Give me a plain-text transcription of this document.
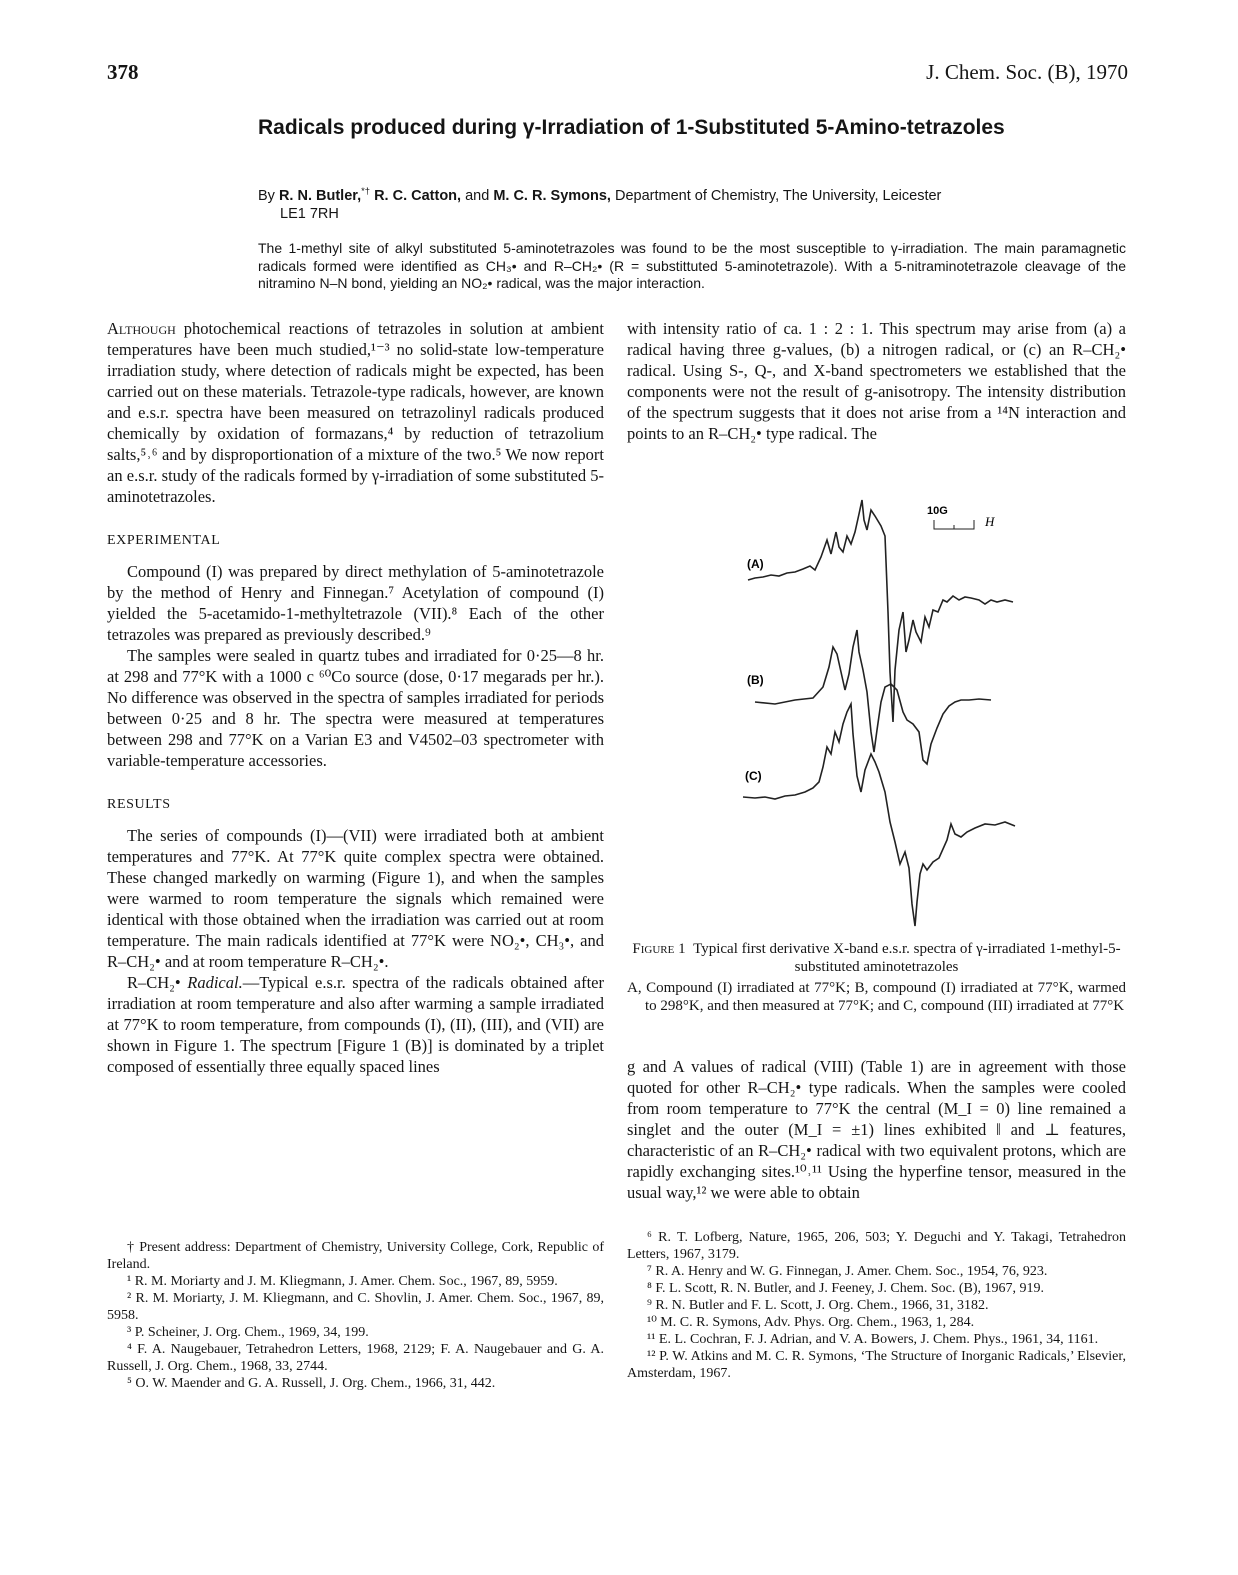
378	J. Chem. Soc. (B), 1970
Radicals produced during γ-Irradiation of 1-Substituted 5-Amino-tetrazoles
By R. N. Butler,*† R. C. Catton, and M. C. R. Symons, Department of Chemistry, The University, Leicester
LE1 7RH
The 1-methyl site of alkyl substituted 5-aminotetrazoles was found to be the most susceptible to γ-irradiation. The main paramagnetic radicals formed were identified as CH₃• and R–CH₂• (R = substittuted 5-aminotetrazole). With a 5-nitraminotetrazole cleavage of the nitramino N–N bond, yielding an NO₂• radical, was the major interaction.

Although photochemical reactions of tetrazoles in solution at ambient temperatures have been much studied,¹⁻³ no solid-state low-temperature irradiation study, where detection of radicals might be expected, has been carried out on these materials. Tetrazole-type radicals, however, are known and e.s.r. spectra have been measured on tetrazolinyl radicals produced chemically by oxidation of formazans,⁴ by reduction of tetrazolium salts,⁵˒⁶ and by disproportionation of a mixture of the two.⁵ We now report an e.s.r. study of the radicals formed by γ-irradiation of some substituted 5-aminotetrazoles.

EXPERIMENTAL

Compound (I) was prepared by direct methylation of 5-aminotetrazole by the method of Henry and Finnegan.⁷ Acetylation of compound (I) yielded the 5-acetamido-1-methyltetrazole (VII).⁸ Each of the other tetrazoles was prepared as previously described.⁹

The samples were sealed in quartz tubes and irradiated for 0·25—8 hr. at 298 and 77°K with a 1000 c ⁶⁰Co source (dose, 0·17 megarads per hr.). No difference was observed in the spectra of samples irradiated for periods between 0·25 and 8 hr. The spectra were measured at temperatures between 298 and 77°K on a Varian E3 and V4502–03 spectrometer with variable-temperature accessories.

RESULTS

The series of compounds (I)—(VII) were irradiated both at ambient temperatures and 77°K. At 77°K quite complex spectra were obtained. These changed markedly on warming (Figure 1), and when the samples were warmed to room temperature the signals which remained were identical with those obtained when the irradiation was carried out at room temperature. The main radicals identified at 77°K were NO₂•, CH₃•, and R–CH₂• and at room temperature R–CH₂•.

R–CH₂• Radical.—Typical e.s.r. spectra of the radicals obtained after irradiation at room temperature and also after warming a sample irradiated at 77°K to room temperature, from compounds (I), (II), (III), and (VII) are shown in Figure 1. The spectrum [Figure 1 (B)] is dominated by a triplet composed of essentially three equally spaced lines

with intensity ratio of ca. 1 : 2 : 1. This spectrum may arise from (a) a radical having three g-values, (b) a nitrogen radical, or (c) an R–CH₂• radical. Using S-, Q-, and X-band spectrometers we established that the components were not the result of g-anisotropy. The intensity distribution of the spectrum suggests that it does not arise from a ¹⁴N interaction and points to an R–CH₂• type radical. The

10G
H
(A)
(B)
(C)
Figure 1 Typical first derivative X-band e.s.r. spectra of γ-irradiated 1-methyl-5-substituted aminotetrazoles
A, Compound (I) irradiated at 77°K; B, compound (I) irradiated at 77°K, warmed to 298°K, and then measured at 77°K; and C, compound (III) irradiated at 77°K

g and A values of radical (VIII) (Table 1) are in agreement with those quoted for other R–CH₂• type radicals. When the samples were cooled from room temperature to 77°K the central (M_I = 0) line remained a singlet and the outer (M_I = ±1) lines exhibited ‖ and ⊥ features, characteristic of an R–CH₂• radical with two equivalent protons, which are rapidly exchanging sites.¹⁰˒¹¹ Using the hyperfine tensor, measured in the usual way,¹² we were able to obtain

† Present address: Department of Chemistry, University College, Cork, Republic of Ireland.

¹ R. M. Moriarty and J. M. Kliegmann, J. Amer. Chem. Soc., 1967, 89, 5959.

² R. M. Moriarty, J. M. Kliegmann, and C. Shovlin, J. Amer. Chem. Soc., 1967, 89, 5958.

³ P. Scheiner, J. Org. Chem., 1969, 34, 199.

⁴ F. A. Naugebauer, Tetrahedron Letters, 1968, 2129; F. A. Naugebauer and G. A. Russell, J. Org. Chem., 1968, 33, 2744.

⁵ O. W. Maender and G. A. Russell, J. Org. Chem., 1966, 31, 442.

⁶ R. T. Lofberg, Nature, 1965, 206, 503; Y. Deguchi and Y. Takagi, Tetrahedron Letters, 1967, 3179.

⁷ R. A. Henry and W. G. Finnegan, J. Amer. Chem. Soc., 1954, 76, 923.

⁸ F. L. Scott, R. N. Butler, and J. Feeney, J. Chem. Soc. (B), 1967, 919.

⁹ R. N. Butler and F. L. Scott, J. Org. Chem., 1966, 31, 3182.

¹⁰ M. C. R. Symons, Adv. Phys. Org. Chem., 1963, 1, 284.

¹¹ E. L. Cochran, F. J. Adrian, and V. A. Bowers, J. Chem. Phys., 1961, 34, 1161.

¹² P. W. Atkins and M. C. R. Symons, ‘The Structure of Inorganic Radicals,’ Elsevier, Amsterdam, 1967.
